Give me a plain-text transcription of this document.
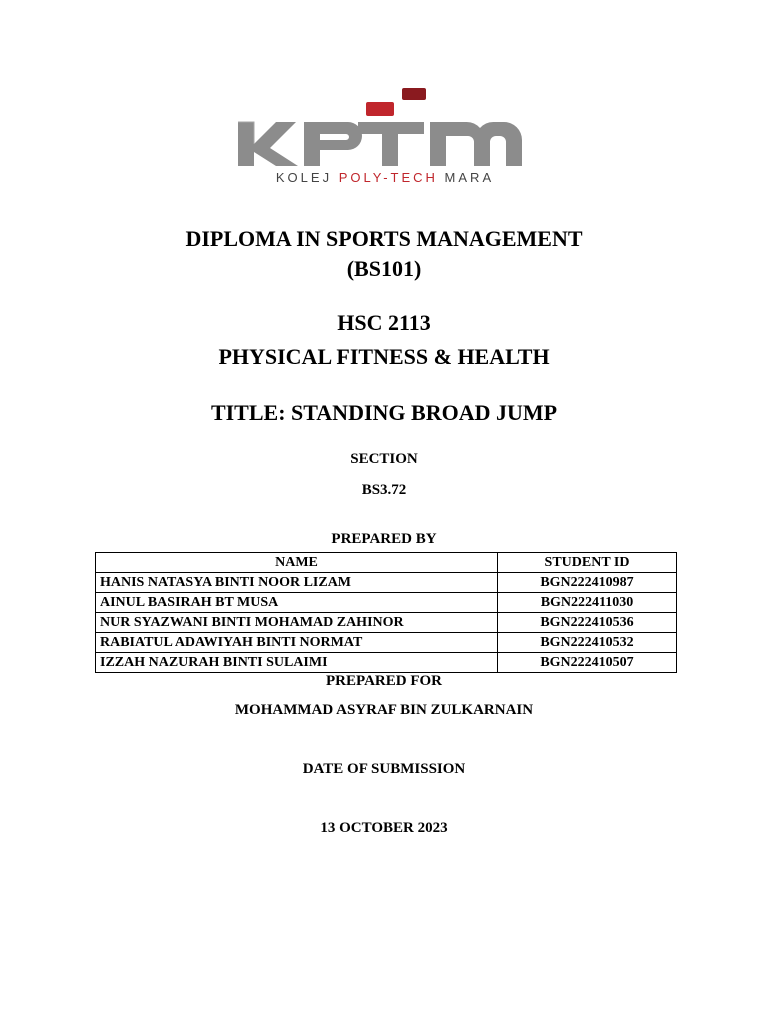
KOLEJ POLY-TECH MARA
DIPLOMA IN SPORTS MANAGEMENT
(BS101)
HSC 2113
PHYSICAL FITNESS & HEALTH
TITLE: STANDING BROAD JUMP
SECTION
BS3.72
PREPARED BY
NAME	STUDENT ID
HANIS NATASYA BINTI NOOR LIZAM	BGN222410987
AINUL BASIRAH BT MUSA	BGN222411030
NUR SYAZWANI BINTI MOHAMAD ZAHINOR	BGN222410536
RABIATUL ADAWIYAH BINTI NORMAT	BGN222410532
IZZAH NAZURAH BINTI SULAIMI	BGN222410507
PREPARED FOR
MOHAMMAD ASYRAF BIN ZULKARNAIN
DATE OF SUBMISSION
13 OCTOBER 2023
